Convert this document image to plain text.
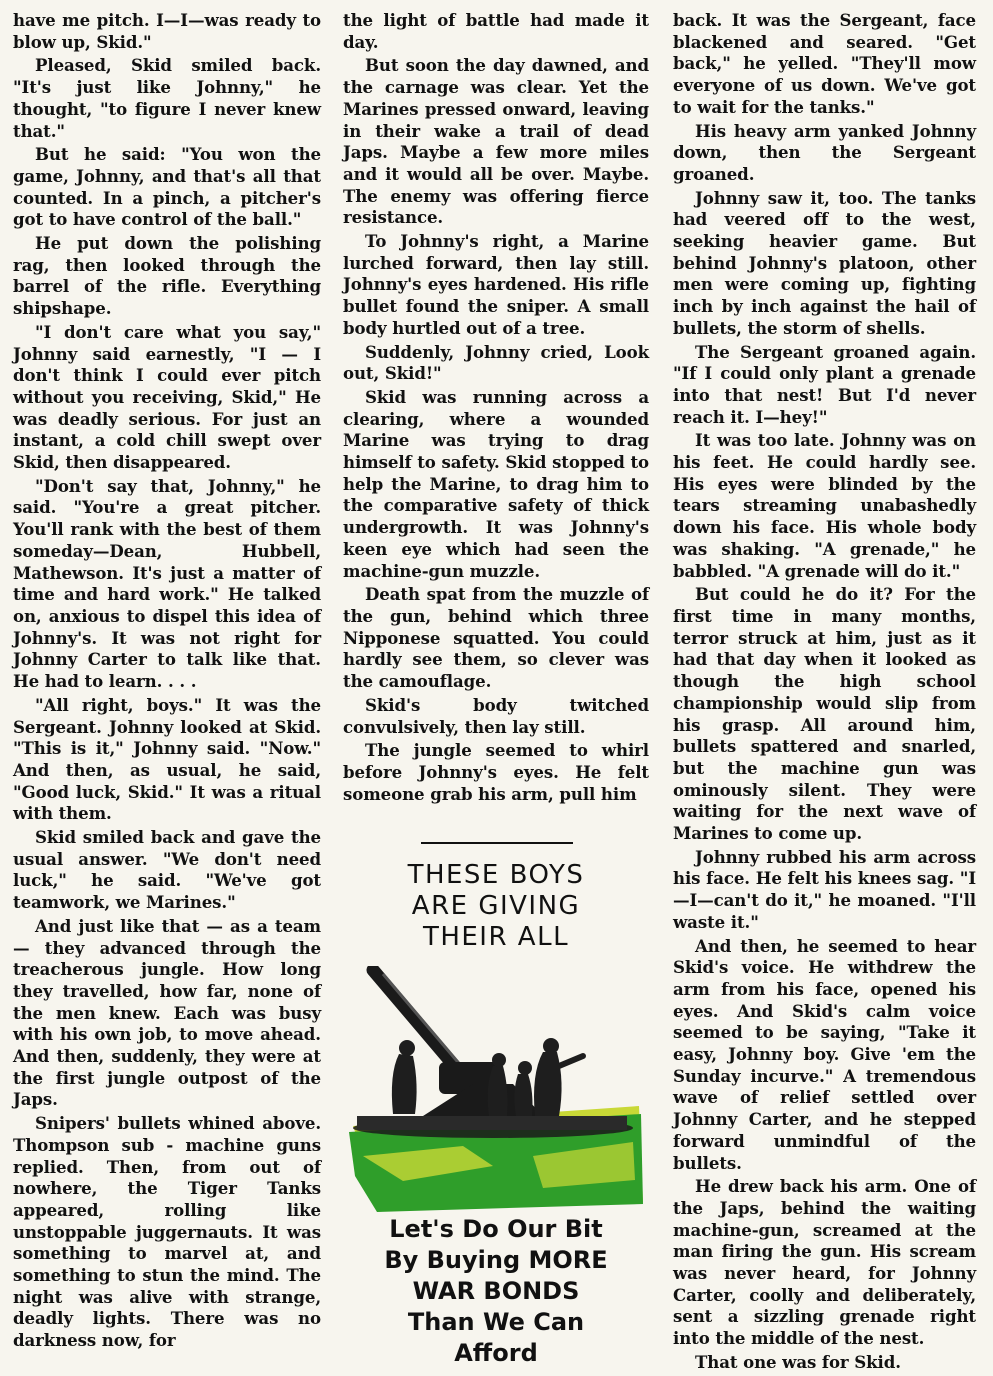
have me pitch. I—I—was ready to blow up, Skid."

Pleased, Skid smiled back. "It's just like Johnny," he thought, "to figure I never knew that."

But he said: "You won the game, Johnny, and that's all that counted. In a pinch, a pitcher's got to have control of the ball."

He put down the polishing rag, then looked through the barrel of the rifle. Everything shipshape.

"I don't care what you say," Johnny said earnestly, "I — I don't think I could ever pitch without you receiving, Skid," He was deadly serious. For just an instant, a cold chill swept over Skid, then disappeared.

"Don't say that, Johnny," he said. "You're a great pitcher. You'll rank with the best of them someday—Dean, Hubbell, Mathewson. It's just a matter of time and hard work." He talked on, anxious to dispel this idea of Johnny's. It was not right for Johnny Carter to talk like that. He had to learn. . . .

"All right, boys." It was the Sergeant. Johnny looked at Skid. "This is it," Johnny said. "Now." And then, as usual, he said, "Good luck, Skid." It was a ritual with them.

Skid smiled back and gave the usual answer. "We don't need luck," he said. "We've got teamwork, we Marines."

And just like that — as a team — they advanced through the treacherous jungle. How long they travelled, how far, none of the men knew. Each was busy with his own job, to move ahead. And then, suddenly, they were at the first jungle outpost of the Japs.

Snipers' bullets whined above. Thompson sub - machine guns replied. Then, from out of nowhere, the Tiger Tanks appeared, rolling like unstoppable juggernauts. It was something to marvel at, and something to stun the mind. The night was alive with strange, deadly lights. There was no darkness now, for

the light of battle had made it day.

But soon the day dawned, and the carnage was clear. Yet the Marines pressed onward, leaving in their wake a trail of dead Japs. Maybe a few more miles and it would all be over. Maybe. The enemy was offering fierce resistance.

To Johnny's right, a Marine lurched forward, then lay still. Johnny's eyes hardened. His rifle bullet found the sniper. A small body hurtled out of a tree.

Suddenly, Johnny cried, Look out, Skid!"

Skid was running across a clearing, where a wounded Marine was trying to drag himself to safety. Skid stopped to help the Marine, to drag him to the comparative safety of thick undergrowth. It was Johnny's keen eye which had seen the machine-gun muzzle.

Death spat from the muzzle of the gun, behind which three Nipponese squatted. You could hardly see them, so clever was the camouflage.

Skid's body twitched convulsively, then lay still.

The jungle seemed to whirl before Johnny's eyes. He felt someone grab his arm, pull him

THESE BOYS
ARE GIVING
THEIR ALL
Let's Do Our Bit
By Buying MORE
WAR BONDS
Than We Can
Afford

back. It was the Sergeant, face blackened and seared. "Get back," he yelled. "They'll mow everyone of us down. We've got to wait for the tanks."

His heavy arm yanked Johnny down, then the Sergeant groaned.

Johnny saw it, too. The tanks had veered off to the west, seeking heavier game. But behind Johnny's platoon, other men were coming up, fighting inch by inch against the hail of bullets, the storm of shells.

The Sergeant groaned again. "If I could only plant a grenade into that nest! But I'd never reach it. I—hey!"

It was too late. Johnny was on his feet. He could hardly see. His eyes were blinded by the tears streaming unabashedly down his face. His whole body was shaking. "A grenade," he babbled. "A grenade will do it."

But could he do it? For the first time in many months, terror struck at him, just as it had that day when it looked as though the high school championship would slip from his grasp. All around him, bullets spattered and snarled, but the machine gun was ominously silent. They were waiting for the next wave of Marines to come up.

Johnny rubbed his arm across his face. He felt his knees sag. "I—I—can't do it," he moaned. "I'll waste it."

And then, he seemed to hear Skid's voice. He withdrew the arm from his face, opened his eyes. And Skid's calm voice seemed to be saying, "Take it easy, Johnny boy. Give 'em the Sunday incurve." A tremendous wave of relief settled over Johnny Carter, and he stepped forward unmindful of the bullets.

He drew back his arm. One of the Japs, behind the waiting machine-gun, screamed at the man firing the gun. His scream was never heard, for Johnny Carter, coolly and deliberately, sent a sizzling grenade right into the middle of the nest.

That one was for Skid.
